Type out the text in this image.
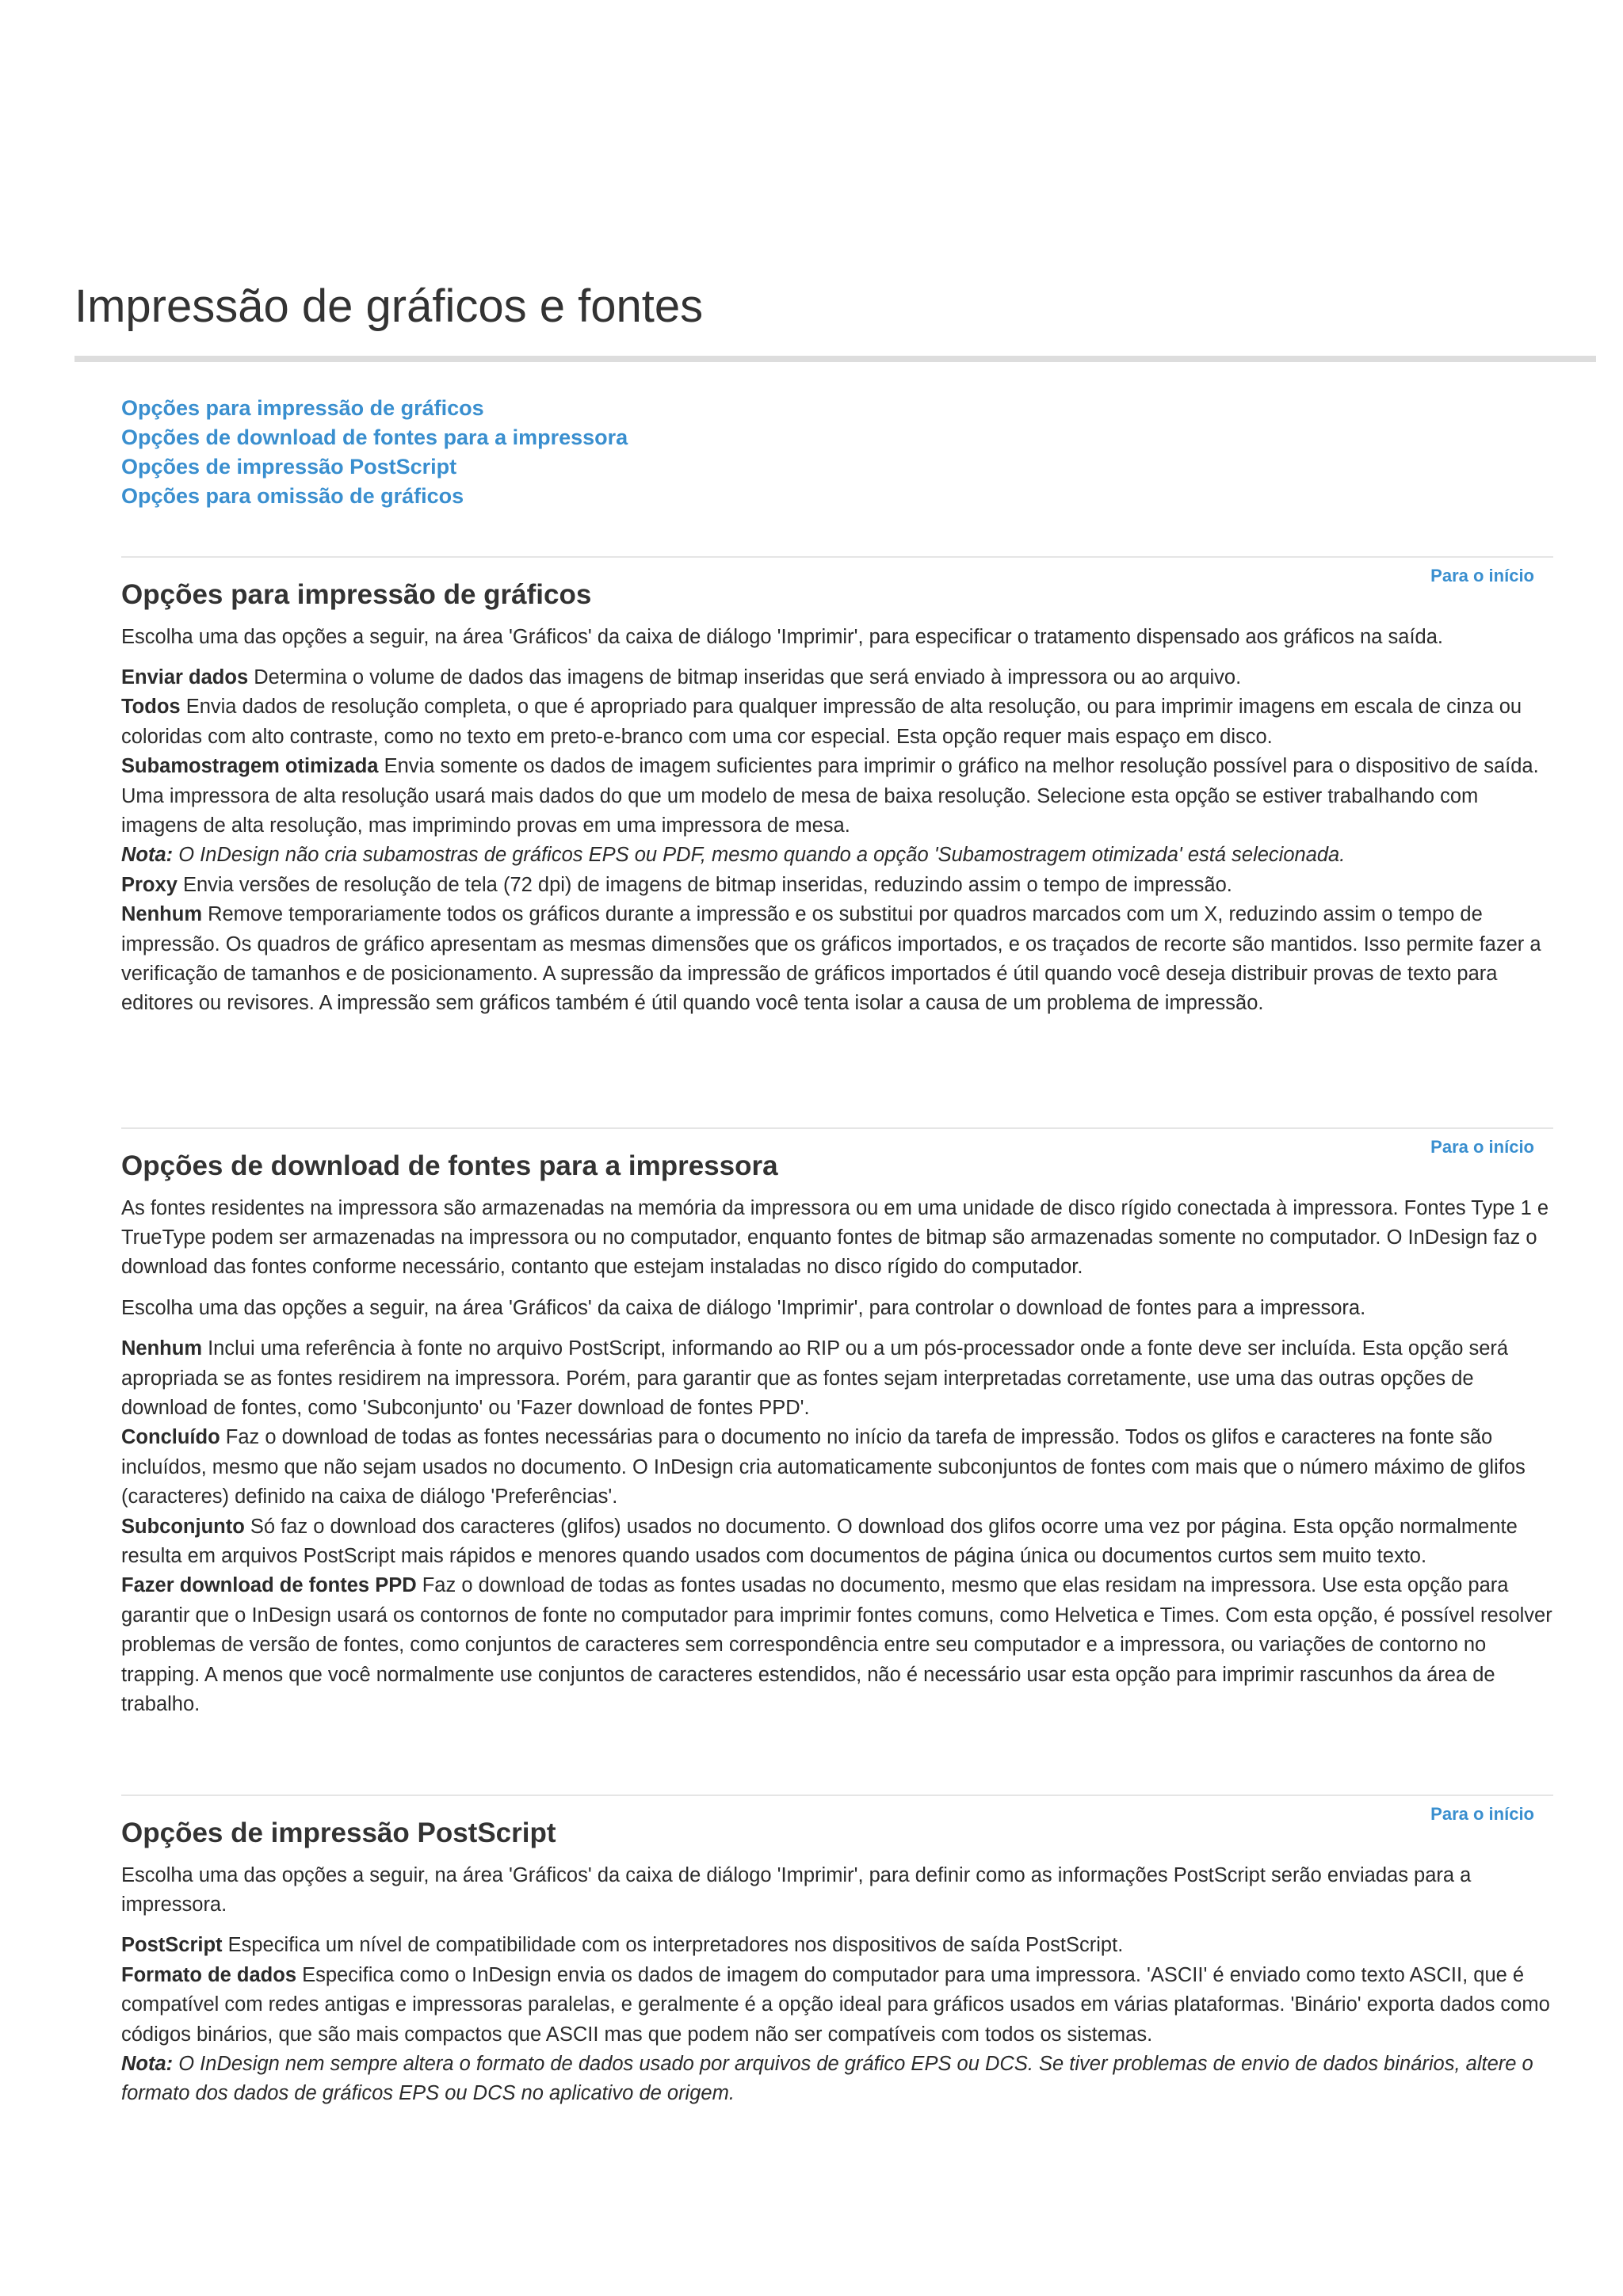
Impressão de gráficos e fontes
Opções para impressão de gráficos
Opções de download de fontes para a impressora
Opções de impressão PostScript
Opções para omissão de gráficos
Para o início
Opções para impressão de gráficos

Escolha uma das opções a seguir, na área 'Gráficos' da caixa de diálogo 'Imprimir', para especificar o tratamento dispensado aos gráficos na saída.

Enviar dados Determina o volume de dados das imagens de bitmap inseridas que será enviado à impressora ou ao arquivo.

Todos Envia dados de resolução completa, o que é apropriado para qualquer impressão de alta resolução, ou para imprimir imagens em escala de cinza ou coloridas com alto contraste, como no texto em preto-e-branco com uma cor especial. Esta opção requer mais espaço em disco.

Subamostragem otimizada Envia somente os dados de imagem suficientes para imprimir o gráfico na melhor resolução possível para o dispositivo de saída. Uma impressora de alta resolução usará mais dados do que um modelo de mesa de baixa resolução. Selecione esta opção se estiver trabalhando com imagens de alta resolução, mas imprimindo provas em uma impressora de mesa.

Nota: O InDesign não cria subamostras de gráficos EPS ou PDF, mesmo quando a opção 'Subamostragem otimizada' está selecionada.

Proxy Envia versões de resolução de tela (72 dpi) de imagens de bitmap inseridas, reduzindo assim o tempo de impressão.

Nenhum Remove temporariamente todos os gráficos durante a impressão e os substitui por quadros marcados com um X, reduzindo assim o tempo de impressão. Os quadros de gráfico apresentam as mesmas dimensões que os gráficos importados, e os traçados de recorte são mantidos. Isso permite fazer a verificação de tamanhos e de posicionamento. A supressão da impressão de gráficos importados é útil quando você deseja distribuir provas de texto para editores ou revisores. A impressão sem gráficos também é útil quando você tenta isolar a causa de um problema de impressão.

Para o início
Opções de download de fontes para a impressora

As fontes residentes na impressora são armazenadas na memória da impressora ou em uma unidade de disco rígido conectada à impressora. Fontes Type 1 e TrueType podem ser armazenadas na impressora ou no computador, enquanto fontes de bitmap são armazenadas somente no computador. O InDesign faz o download das fontes conforme necessário, contanto que estejam instaladas no disco rígido do computador.

Escolha uma das opções a seguir, na área 'Gráficos' da caixa de diálogo 'Imprimir', para controlar o download de fontes para a impressora.

Nenhum Inclui uma referência à fonte no arquivo PostScript, informando ao RIP ou a um pós-processador onde a fonte deve ser incluída. Esta opção será apropriada se as fontes residirem na impressora. Porém, para garantir que as fontes sejam interpretadas corretamente, use uma das outras opções de download de fontes, como 'Subconjunto' ou 'Fazer download de fontes PPD'.

Concluído Faz o download de todas as fontes necessárias para o documento no início da tarefa de impressão. Todos os glifos e caracteres na fonte são incluídos, mesmo que não sejam usados no documento. O InDesign cria automaticamente subconjuntos de fontes com mais que o número máximo de glifos (caracteres) definido na caixa de diálogo 'Preferências'.

Subconjunto Só faz o download dos caracteres (glifos) usados no documento. O download dos glifos ocorre uma vez por página. Esta opção normalmente resulta em arquivos PostScript mais rápidos e menores quando usados com documentos de página única ou documentos curtos sem muito texto.

Fazer download de fontes PPD Faz o download de todas as fontes usadas no documento, mesmo que elas residam na impressora. Use esta opção para garantir que o InDesign usará os contornos de fonte no computador para imprimir fontes comuns, como Helvetica e Times. Com esta opção, é possível resolver problemas de versão de fontes, como conjuntos de caracteres sem correspondência entre seu computador e a impressora, ou variações de contorno no trapping. A menos que você normalmente use conjuntos de caracteres estendidos, não é necessário usar esta opção para imprimir rascunhos da área de trabalho.

Para o início
Opções de impressão PostScript

Escolha uma das opções a seguir, na área 'Gráficos' da caixa de diálogo 'Imprimir', para definir como as informações PostScript serão enviadas para a impressora.

PostScript Especifica um nível de compatibilidade com os interpretadores nos dispositivos de saída PostScript.

Formato de dados Especifica como o InDesign envia os dados de imagem do computador para uma impressora. 'ASCII' é enviado como texto ASCII, que é compatível com redes antigas e impressoras paralelas, e geralmente é a opção ideal para gráficos usados em várias plataformas. 'Binário' exporta dados como códigos binários, que são mais compactos que ASCII mas que podem não ser compatíveis com todos os sistemas.

Nota: O InDesign nem sempre altera o formato de dados usado por arquivos de gráfico EPS ou DCS. Se tiver problemas de envio de dados binários, altere o formato dos dados de gráficos EPS ou DCS no aplicativo de origem.
